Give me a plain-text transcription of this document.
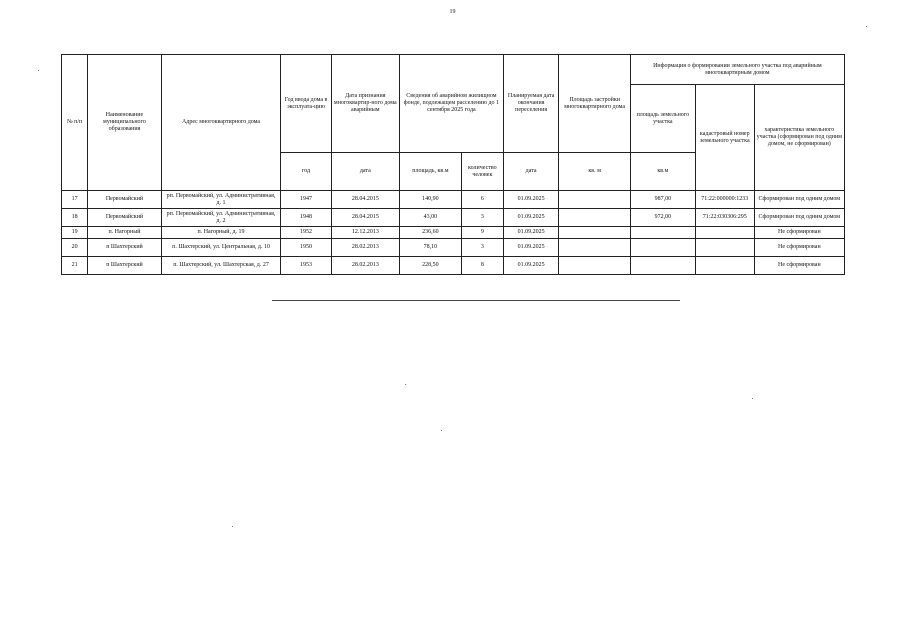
19
№ п/п	Наименование муниципального образования	Адрес многоквартирного дома	Год ввода дома в эксплуата-цию	Дата признания многоквартир-ного дома аварийным	Сведения об аварийном жилищном фонде, подлежащем расселению до 1 сентября 2025 года		Планируемая дата окончания переселения	Площадь застройки многоквартирного дома	Информация о формировании земельного участка под аварийным многоквартирным домом		
									площадь земельного участка	кадастровый номер земельного участка	характеристика земельного участка (сформирован под одним домом, не сформирован)
			год	дата	площадь, кв.м	количество человек	дата	кв. м	кв.м		
17	Первомайский	рп. Первомайский, ул. Административная, д. 1	1947	28.04.2015	140,90	6	01.09.2025		987,00	71:22:000000:1233	Сформирован под одним домом
18	Первомайский	рп. Первомайский, ул. Административная, д. 2	1948	28.04.2015	43,00	3	01.09.2025		972,00	71:22:030306:295	Сформирован под одним домом
19	п. Нагорный	п. Нагорный, д. 19	1952	12.12.2013	236,60	9	01.09.2025				Не сформирован
20	п Шахтерский	п. Шахтерский, ул. Центральная, д. 10	1950	28.02.2013	78,10	3	01.09.2025				Не сформирован
21	п Шахтерский	п. Шахтерский, ул. Шахтерская, д. 27	1953	28.02.2013	228,50	8	01.09.2025				Не сформирован
